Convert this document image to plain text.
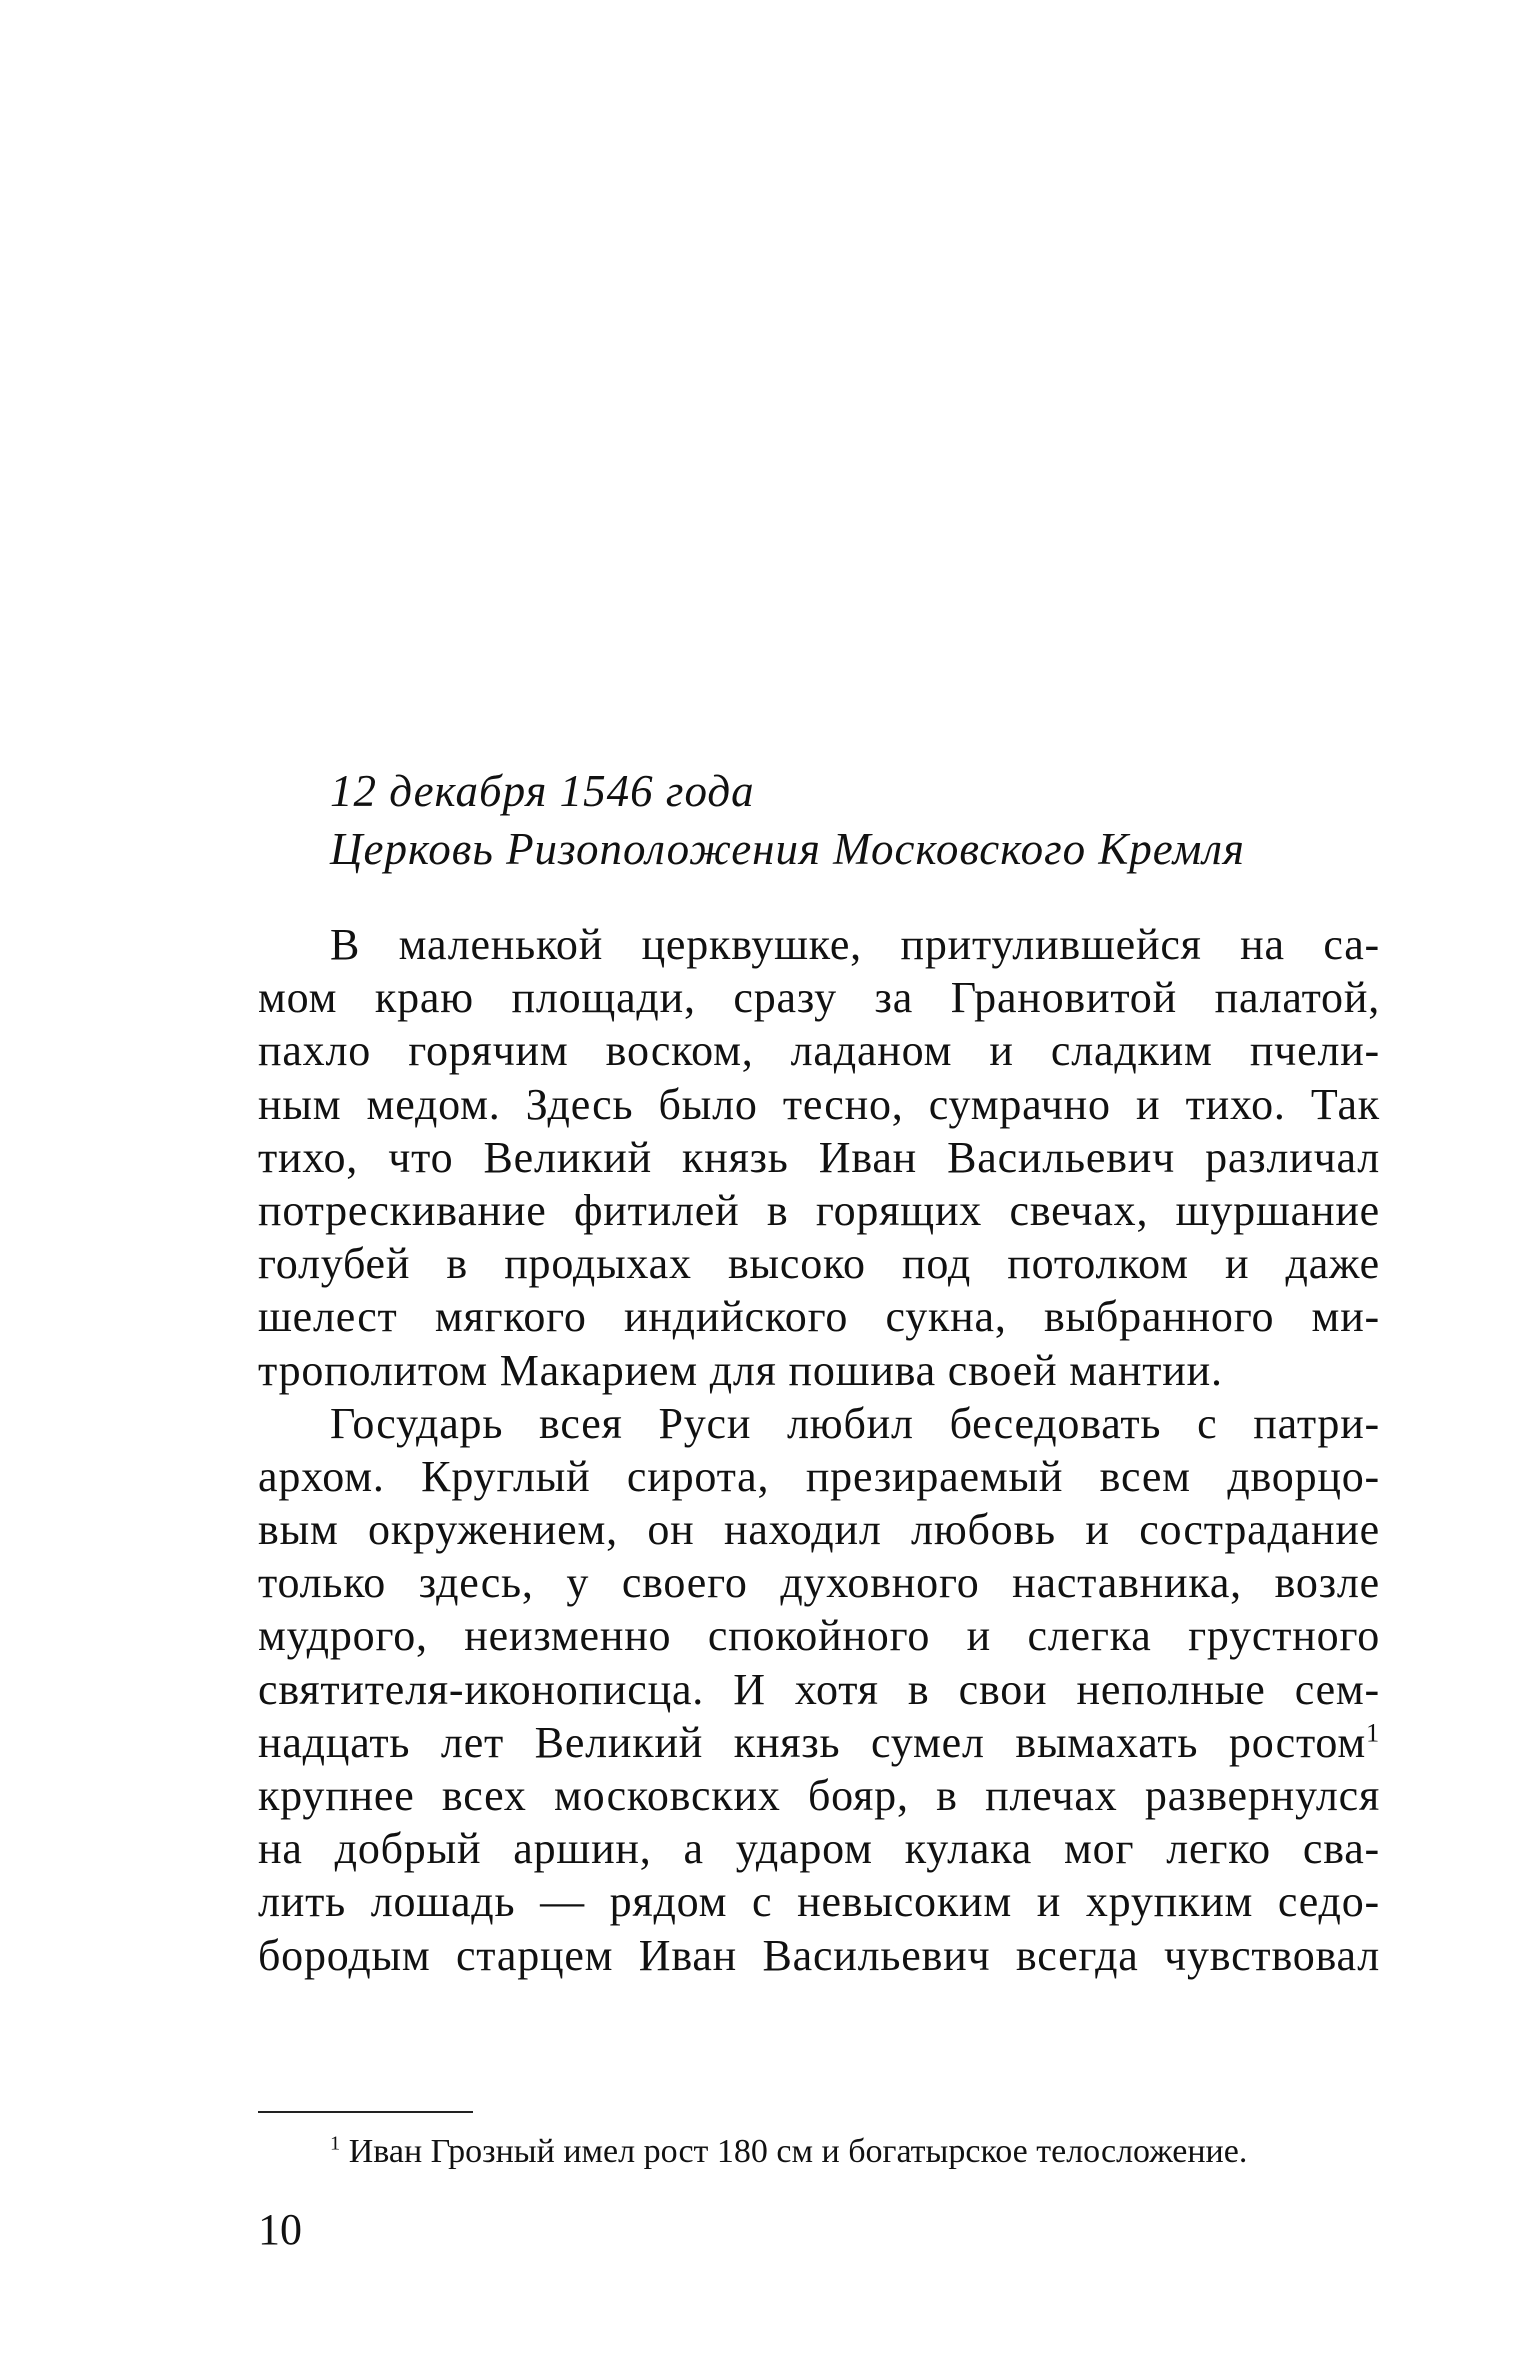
12 декабря 1546 года
Церковь Ризоположения Московского Кремля
В маленькой церквушке, притулившейся на са-
мом краю площади, сразу за Грановитой палатой,
пахло горячим воском, ладаном и сладким пчели-
ным медом. Здесь было тесно, сумрачно и тихо. Так
тихо, что Великий князь Иван Васильевич различал
потрескивание фитилей в горящих свечах, шуршание
голубей в продыхах высоко под потолком и даже
шелест мягкого индийского сукна, выбранного ми-
трополитом Макарием для пошива своей мантии.
Государь всея Руси любил беседовать с патри-
архом. Круглый сирота, презираемый всем дворцо-
вым окружением, он находил любовь и сострадание
только здесь, у своего духовного наставника, возле
мудрого, неизменно спокойного и слегка грустного
святителя-иконописца. И хотя в свои неполные сем-
надцать лет Великий князь сумел вымахать ростом$^1$
крупнее всех московских бояр, в плечах развернулся
на добрый аршин, а ударом кулака мог легко сва-
лить лошадь — рядом с невысоким и хрупким седо-
бородым старцем Иван Васильевич всегда чувствовал
$^1$ Иван Грозный имел рост 180 см и богатырское телосложение.
10
